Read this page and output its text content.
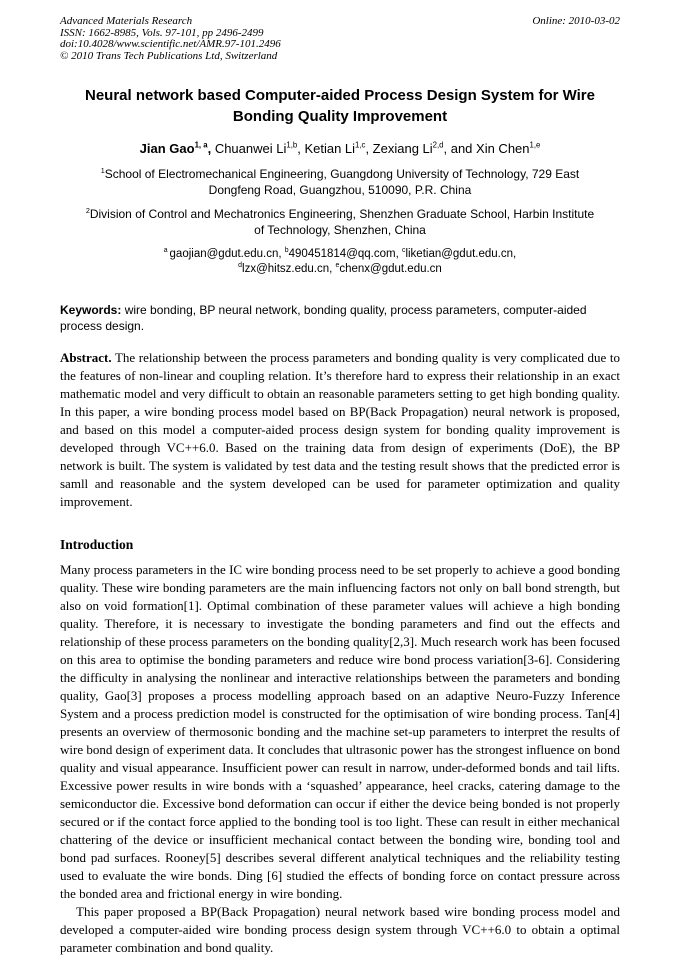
Advanced Materials Research
ISSN: 1662-8985, Vols. 97-101, pp 2496-2499
doi:10.4028/www.scientific.net/AMR.97-101.2496
© 2010 Trans Tech Publications Ltd, Switzerland
Online: 2010-03-02
Neural network based Computer-aided Process Design System for Wire Bonding Quality Improvement

Jian Gao$^{1, a}$, Chuanwei Li$^{1,b}$, Ketian Li$^{1,c}$, Zexiang Li$^{2,d}$, and Xin Chen$^{1,e}$

$^1$School of Electromechanical Engineering, Guangdong University of Technology, 729 East Dongfeng Road, Guangzhou, 510090, P.R. China

$^2$Division of Control and Mechatronics Engineering, Shenzhen Graduate School, Harbin Institute of Technology, Shenzhen, China

$^a$ gaojian@gdut.edu.cn, $^b$490451814@qq.com, $^c$liketian@gdut.edu.cn,

$^d$lzx@hitsz.edu.cn, $^e$chenx@gdut.edu.cn

Keywords: wire bonding, BP neural network, bonding quality, process parameters, computer-aided process design.

Abstract. The relationship between the process parameters and bonding quality is very complicated due to the features of non-linear and coupling relation. It’s therefore hard to express their relationship in an exact mathematic model and very difficult to obtain an reasonable parameters setting to get high bonding quality. In this paper, a wire bonding process model based on BP(Back Propagation) neural network is proposed, and based on this model a computer-aided process design system for bonding quality improvement is developed through VC++6.0. Based on the training data from design of experiments (DoE), the BP network is built. The system is validated by test data and the testing result shows that the predicted error is samll and reasonable and the system developed can be used for parameter optimization and quality improvement.

Introduction

Many process parameters in the IC wire bonding process need to be set properly to achieve a good bonding quality. These wire bonding parameters are the main influencing factors not only on ball bond strength, but also on void formation[1]. Optimal combination of these parameter values will achieve a high bonding quality. Therefore, it is necessary to investigate the bonding parameters and find out the effects and relationship of these process parameters on the bonding quality[2,3]. Much research work has been focused on this area to optimise the bonding parameters and reduce wire bond process variation[3-6]. Considering the difficulty in analysing the nonlinear and interactive relationships between the parameters and bonding quality, Gao[3] proposes a process modelling approach based on an adaptive Neuro-Fuzzy Inference System and a process prediction model is constructed for the optimisation of wire bonding process. Tan[4] presents an overview of thermosonic bonding and the machine set-up parameters to interpret the results of wire bond design of experiment data. It concludes that ultrasonic power has the strongest influence on bond quality and visual appearance. Insufficient power can result in narrow, under-deformed bonds and tail lifts. Excessive power results in wire bonds with a ‘squashed’ appearance, heel cracks, catering damage to the semiconductor die. Excessive bond deformation can occur if either the device being bonded is not properly secured or if the contact force applied to the bonding tool is too light. These can result in either mechanical chattering of the device or insufficient mechanical contact between the bonding wire, bonding tool and bond pad surfaces. Rooney[5] describes several different analytical techniques and the reliability testing used to evaluate the wire bonds. Ding [6] studied the effects of bonding force on contact pressure across the bonded area and frictional energy in wire bonding.

This paper proposed a BP(Back Propagation) neural network based wire bonding process model and developed a computer-aided wire bonding process design system through VC++6.0 to obtain a optimal parameter combination and bond quality.
